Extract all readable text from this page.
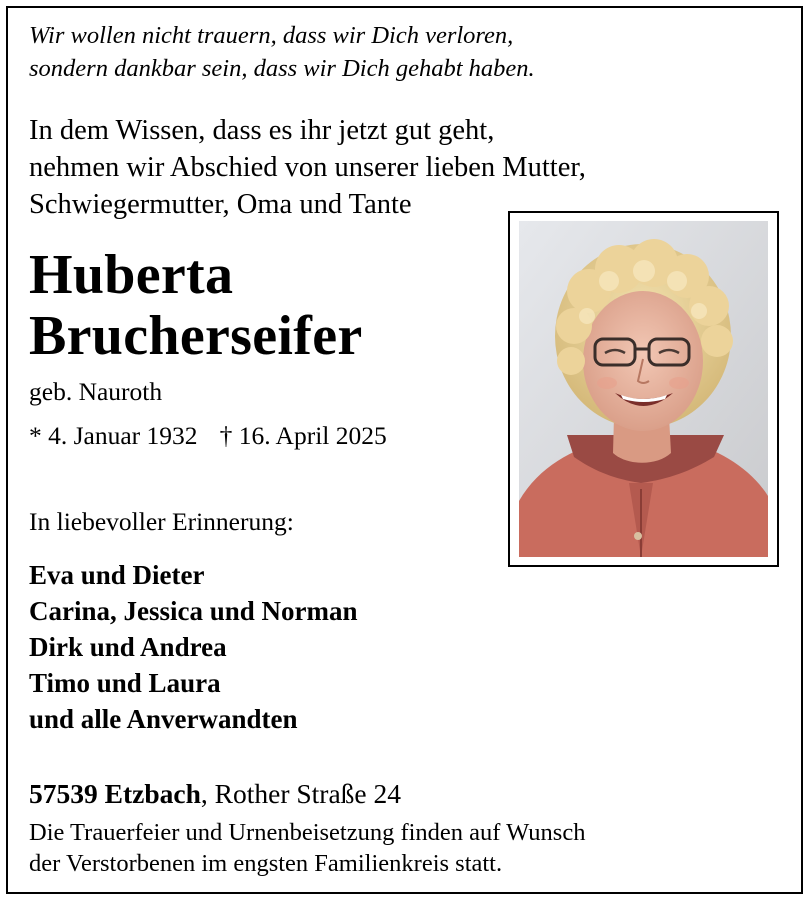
Wir wollen nicht trauern, dass wir Dich verloren,
sondern dankbar sein, dass wir Dich gehabt haben.
In dem Wissen, dass es ihr jetzt gut geht,
nehmen wir Abschied von unserer lieben Mutter,
Schwiegermutter, Oma und Tante
Huberta
Brucherseifer
geb. Nauroth
* 4. Januar 1932 † 16. April 2025
In liebevoller Erinnerung:
Eva und Dieter
Carina, Jessica und Norman
Dirk und Andrea
Timo und Laura
und alle Anverwandten
57539 Etzbach, Rother Straße 24
Die Trauerfeier und Urnenbeisetzung finden auf Wunsch
der Verstorbenen im engsten Familienkreis statt.
